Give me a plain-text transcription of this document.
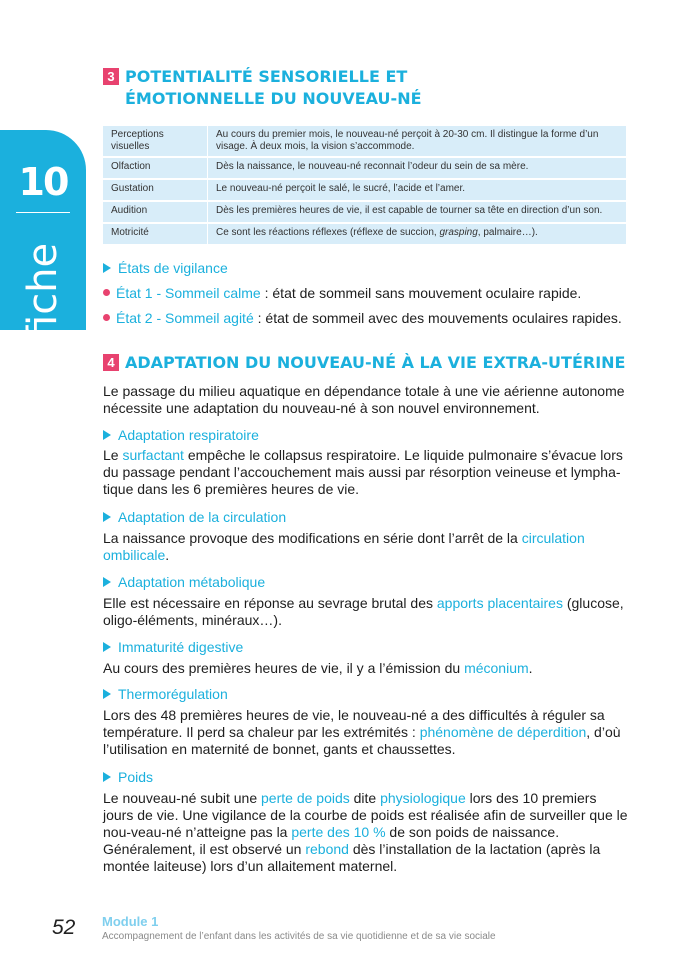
10
fiche
3 POTENTIALITÉ SENSORIELLE ET
ÉMOTIONNELLE DU NOUVEAU-NÉ
Perceptions visuelles	Au cours du premier mois, le nouveau-né perçoit à 20-30 cm. Il distingue la forme d’un visage. À deux mois, la vision s’accommode.
Olfaction	Dès la naissance, le nouveau-né reconnait l’odeur du sein de sa mère.
Gustation	Le nouveau-né perçoit le salé, le sucré, l’acide et l’amer.
Audition	Dès les premières heures de vie, il est capable de tourner sa tête en direction d’un son.
Motricité	Ce sont les réactions réflexes (réflexe de succion, grasping, palmaire…).
États de vigilance
État 1 - Sommeil calme : état de sommeil sans mouvement oculaire rapide.
État 2 - Sommeil agité : état de sommeil avec des mouvements oculaires rapides.
4 ADAPTATION DU NOUVEAU-NÉ À LA VIE EXTRA-UTÉRINE
Le passage du milieu aquatique en dépendance totale à une vie aérienne autonome nécessite une adaptation du nouveau-né à son nouvel environnement.
Adaptation respiratoire
Le surfactant empêche le collapsus respiratoire. Le liquide pulmonaire s’évacue lors du passage pendant l’accouchement mais aussi par résorption veineuse et lympha-tique dans les 6 premières heures de vie.
Adaptation de la circulation
La naissance provoque des modifications en série dont l’arrêt de la circulation ombilicale.
Adaptation métabolique
Elle est nécessaire en réponse au sevrage brutal des apports placentaires (glucose, oligo-éléments, minéraux…).
Immaturité digestive
Au cours des premières heures de vie, il y a l’émission du méconium.
Thermorégulation
Lors des 48 premières heures de vie, le nouveau-né a des difficultés à réguler sa température. Il perd sa chaleur par les extrémités : phénomène de déperdition, d’où l’utilisation en maternité de bonnet, gants et chaussettes.
Poids
Le nouveau-né subit une perte de poids dite physiologique lors des 10 premiers jours de vie. Une vigilance de la courbe de poids est réalisée afin de surveiller que le nou-veau-né n’atteigne pas la perte des 10 % de son poids de naissance. Généralement, il est observé un rebond dès l’installation de la lactation (après la montée laiteuse) lors d’un allaitement maternel.
52 Module 1
Accompagnement de l’enfant dans les activités de sa vie quotidienne et de sa vie sociale
